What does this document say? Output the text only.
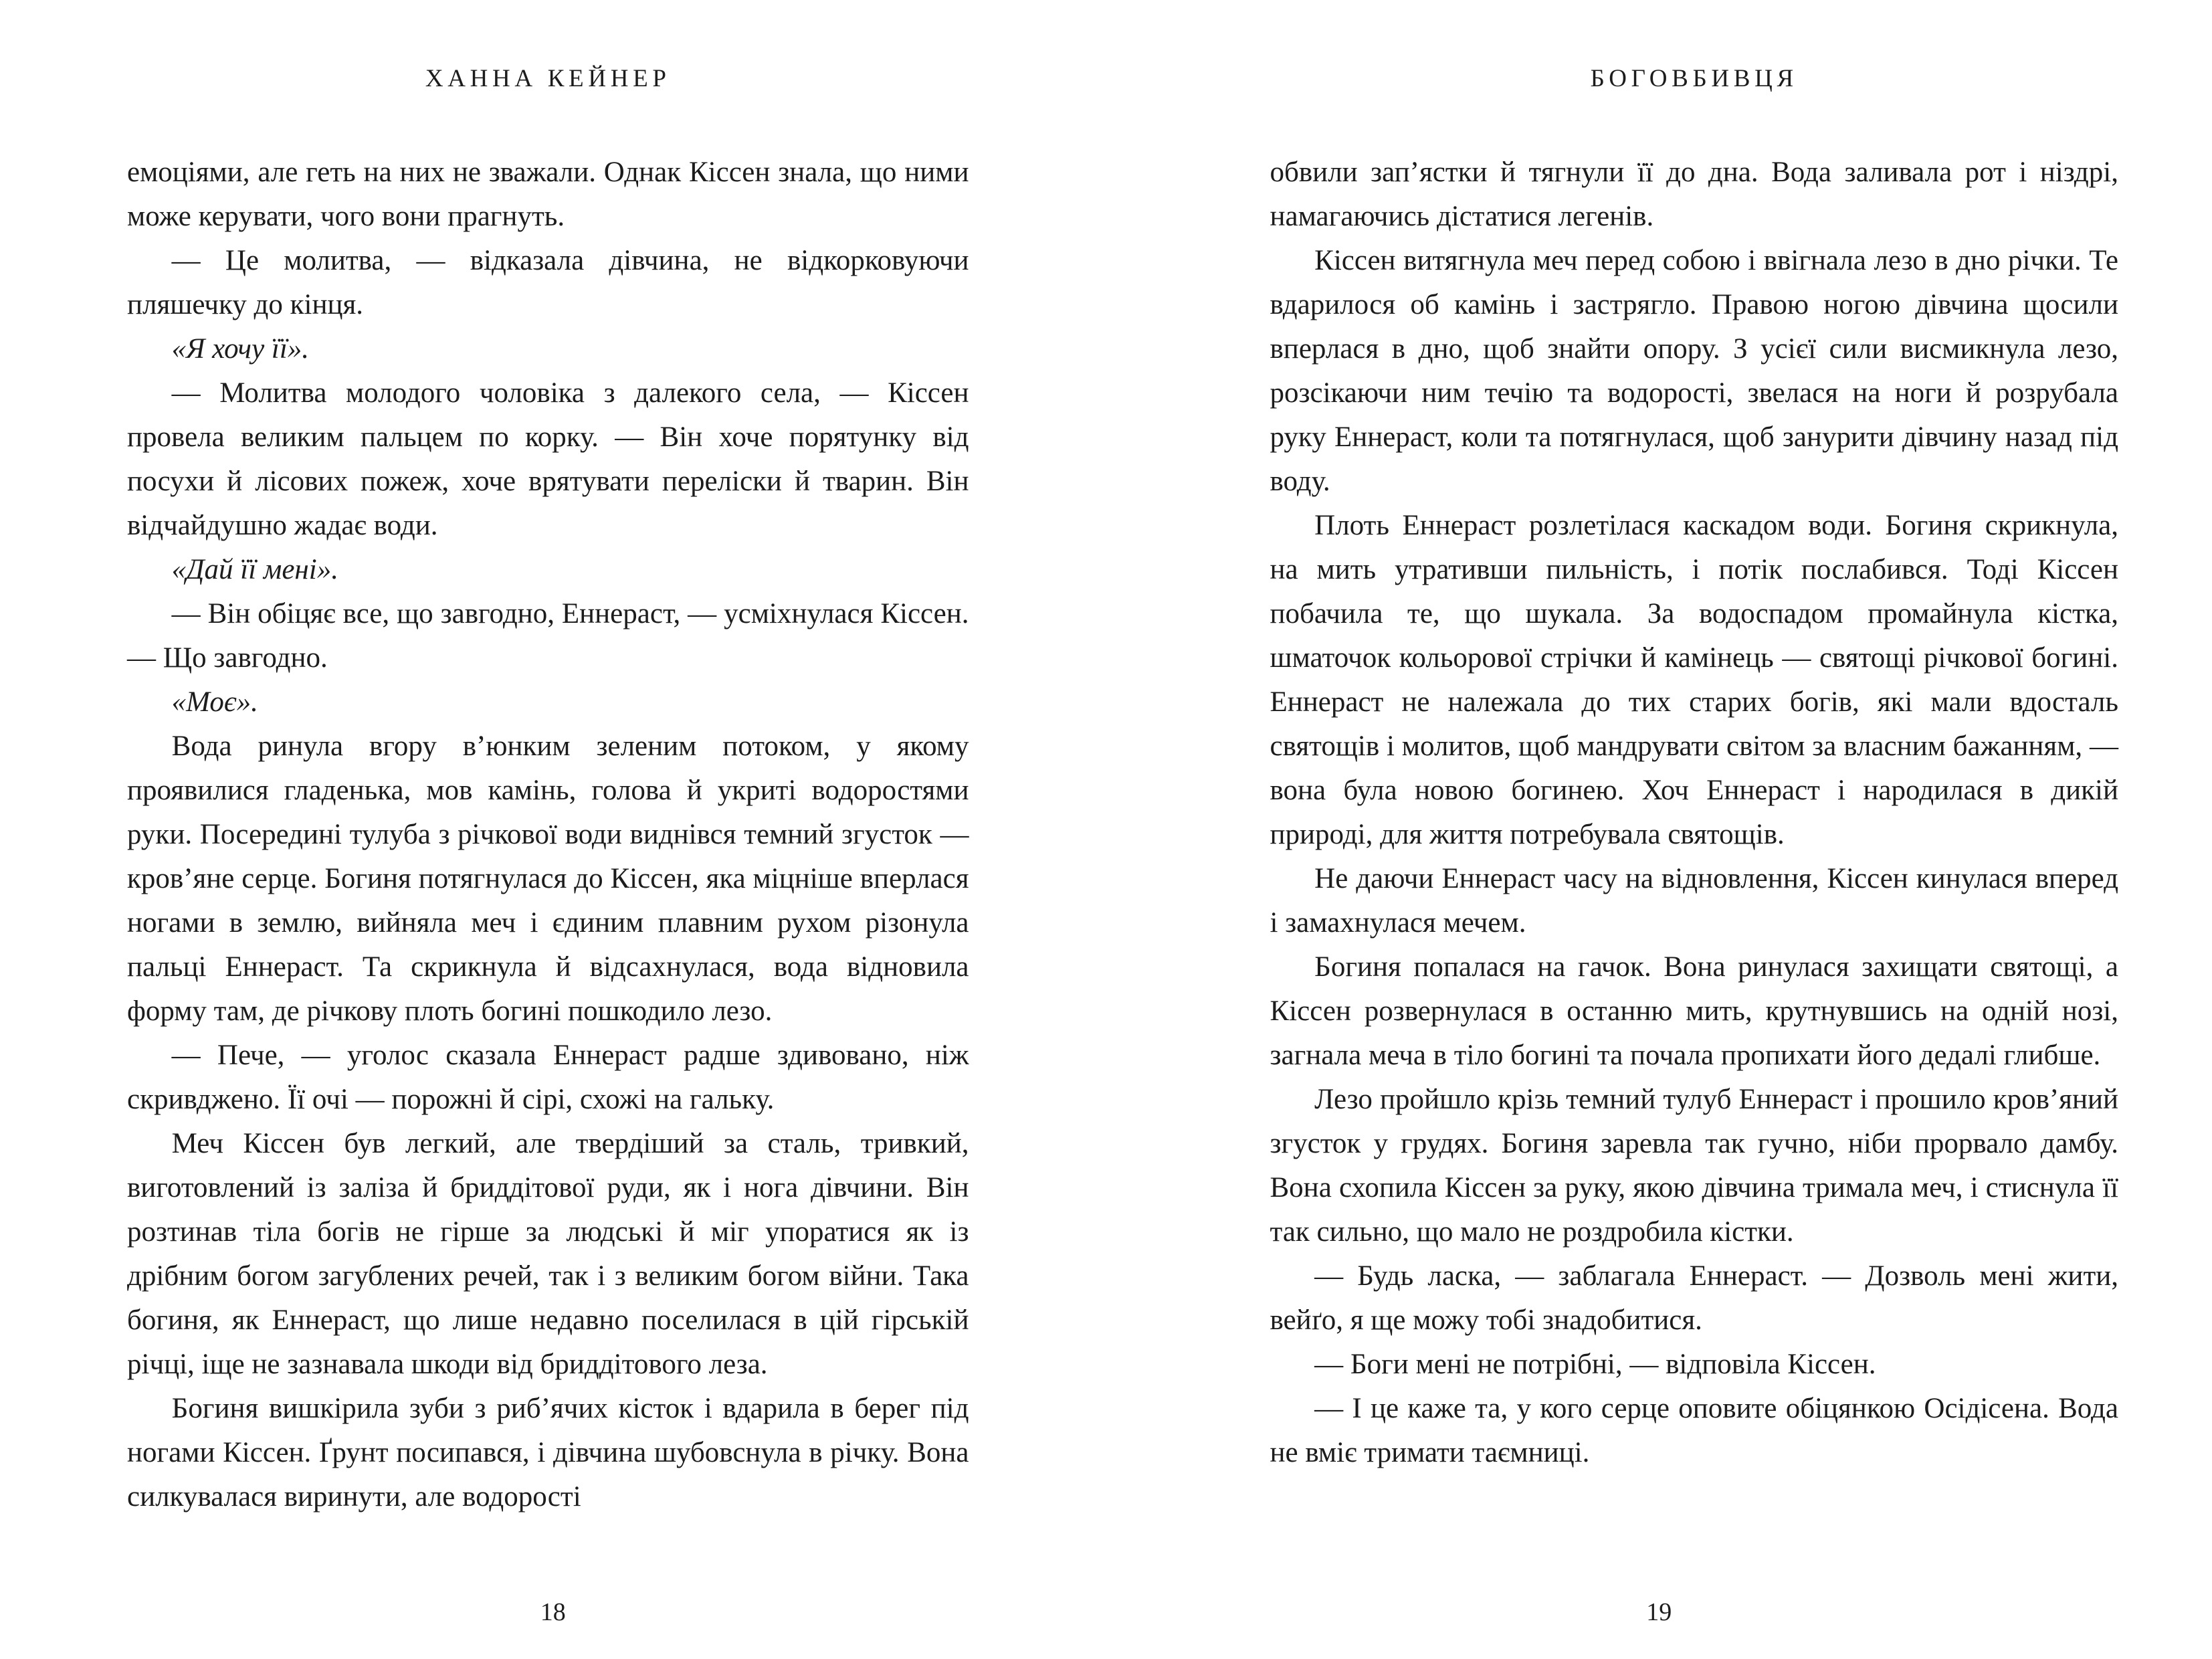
ХАННА КЕЙНЕР

емоціями, але геть на них не зважали. Однак Кіссен знала, що ними може керувати, чого вони прагнуть.

— Це молитва, — відказала дівчина, не відкорковуючи пляшечку до кінця.

«Я хочу її».

— Молитва молодого чоловіка з далекого села, — Кіссен провела великим пальцем по корку. — Він хоче порятунку від посухи й лісових пожеж, хоче врятувати переліски й тварин. Він відчайдушно жадає води.

«Дай її мені».

— Він обіцяє все, що завгодно, Еннераст, — усміхнулася Кіссен. — Що завгодно.

«Моє».

Вода ринула вгору в’юнким зеленим потоком, у якому проявилися гладенька, мов камінь, голова й укриті водоростями руки. Посередині тулуба з річкової води виднівся темний згусток — кров’яне серце. Богиня потягнулася до Кіссен, яка міцніше вперлася ногами в землю, вийняла меч і єдиним плавним рухом різонула пальці Еннераст. Та скрикнула й відсахнулася, вода відновила форму там, де річкову плоть богині пошкодило лезо.

— Пече, — уголос сказала Еннераст радше здивовано, ніж скривджено. Її очі — порожні й сірі, схожі на гальку.

Меч Кіссен був легкий, але твердіший за сталь, тривкий, виготовлений із заліза й бриддітової руди, як і нога дівчини. Він розтинав тіла богів не гірше за людські й міг упоратися як із дрібним богом загублених речей, так і з великим богом війни. Така богиня, як Еннераст, що лише недавно поселилася в цій гірській річці, іще не зазнавала шкоди від бриддітового леза.

Богиня вишкірила зуби з риб’ячих кісток і вдарила в берег під ногами Кіссен. Ґрунт посипався, і дівчина шубовснула в річку. Вона силкувалася виринути, але водорості

18
БОГОВБИВЦЯ

обвили зап’ястки й тягнули її до дна. Вода заливала рот і ніздрі, намагаючись дістатися легенів.

Кіссен витягнула меч перед собою і ввігнала лезо в дно річки. Те вдарилося об камінь і застрягло. Правою ногою дівчина щосили вперлася в дно, щоб знайти опору. З усієї сили висмикнула лезо, розсікаючи ним течію та водорості, звелася на ноги й розрубала руку Еннераст, коли та потягнулася, щоб занурити дівчину назад під воду.

Плоть Еннераст розлетілася каскадом води. Богиня скрикнула, на мить утративши пильність, і потік послабився. Тоді Кіссен побачила те, що шукала. За водоспадом промайнула кістка, шматочок кольорової стрічки й камінець — святощі річкової богині. Еннераст не належала до тих старих богів, які мали вдосталь святощів і молитов, щоб мандрувати світом за власним бажанням, — вона була новою богинею. Хоч Еннераст і народилася в дикій природі, для життя потребувала святощів.

Не даючи Еннераст часу на відновлення, Кіссен кинулася вперед і замахнулася мечем.

Богиня попалася на гачок. Вона ринулася захищати святощі, а Кіссен розвернулася в останню мить, крутнувшись на одній нозі, загнала меча в тіло богині та почала пропихати його дедалі глибше.

Лезо пройшло крізь темний тулуб Еннераст і прошило кров’яний згусток у грудях. Богиня заревла так гучно, ніби прорвало дамбу. Вона схопила Кіссен за руку, якою дівчина тримала меч, і стиснула її так сильно, що мало не роздробила кістки.

— Будь ласка, — заблагала Еннераст. — Дозволь мені жити, вейґо, я ще можу тобі знадобитися.

— Боги мені не потрібні, — відповіла Кіссен.

— І це каже та, у кого серце оповите обіцянкою Осідісена. Вода не вміє тримати таємниці.

19
